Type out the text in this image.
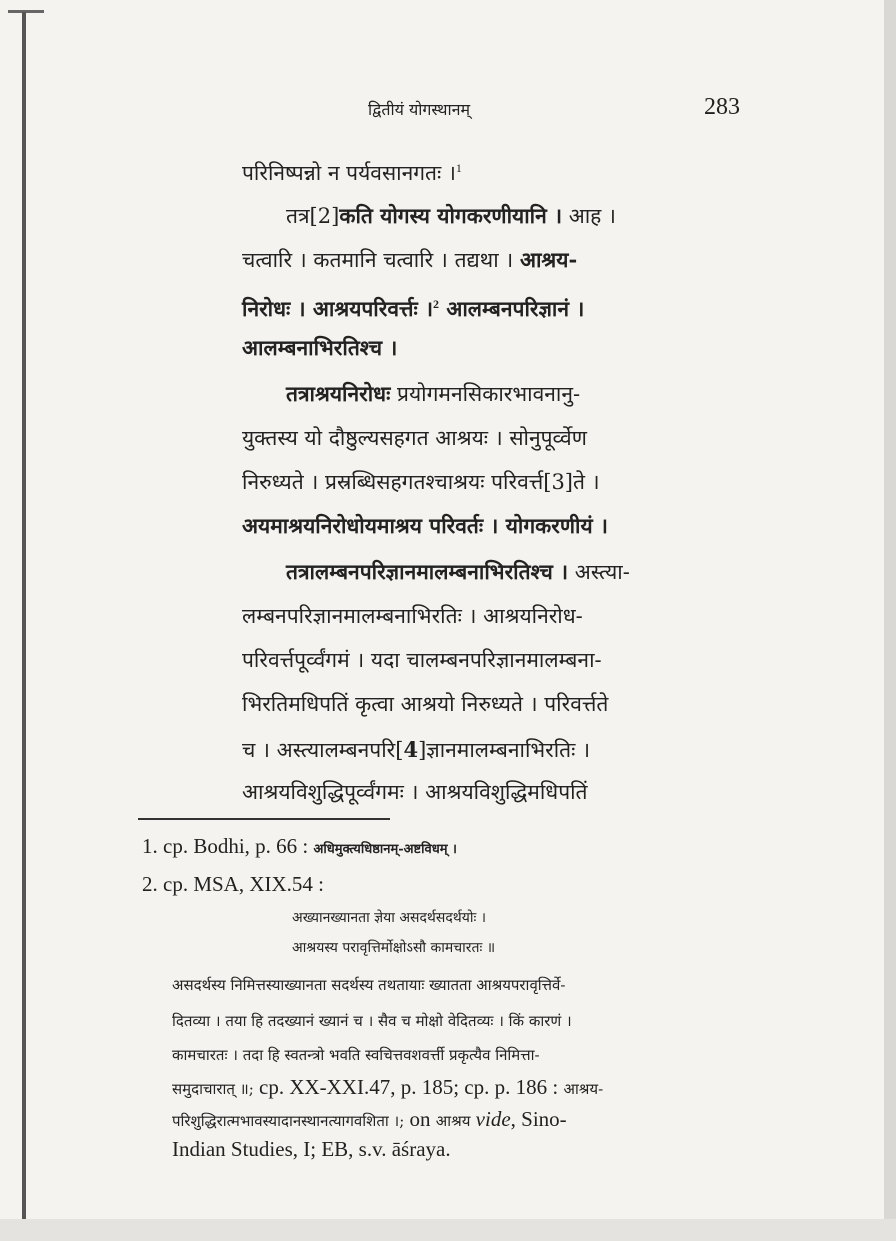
द्वितीयं योगस्थानम्	283
परिनिष्पन्नो न पर्यवसानगतः ।$^1$
तत्र[2]कति योगस्य योगकरणीयानि । आह ।
चत्वारि । कतमानि चत्वारि । तद्यथा । आश्रय-
निरोधः । आश्रयपरिवर्त्तः ।$^2$ आलम्बनपरिज्ञानं ।
आलम्बनाभिरतिश्च ।
तत्राश्रयनिरोधः प्रयोगमनसिकारभावनानु-
युक्तस्य यो दौष्ठुल्यसहगत आश्रयः । सोनुपूर्व्वेण
निरुध्यते । प्रस्रब्धिसहगतश्चाश्रयः परिवर्त्त[3]ते ।
अयमाश्रयनिरोधोयमाश्रय परिवर्तः । योगकरणीयं ।
तत्रालम्बनपरिज्ञानमालम्बनाभिरतिश्च । अस्त्या-
लम्बनपरिज्ञानमालम्बनाभिरतिः । आश्रयनिरोध-
परिवर्त्तपूर्व्वंगमं । यदा चालम्बनपरिज्ञानमालम्बना-
भिरतिमधिपतिं कृत्वा आश्रयो निरुध्यते । परिवर्त्तते
च । अस्त्यालम्बनपरि[4]ज्ञानमालम्बनाभिरतिः ।
आश्रयविशुद्धिपूर्व्वंगमः । आश्रयविशुद्धिमधिपतिं
1. cp. Bodhi, p. 66 : अधिमुक्त्यधिष्ठानम्-अष्टविधम् ।
2. cp. MSA, XIX.54 :
अख्यानख्यानता ज्ञेया असदर्थसदर्थयोः ।
आश्रयस्य परावृत्तिर्मोक्षोऽसौ कामचारतः ॥
असदर्थस्य निमित्तस्याख्यानता सदर्थस्य तथतायाः ख्यातता आश्रयपरावृत्तिर्वे-
दितव्या । तया हि तदख्यानं ख्यानं च । सैव च मोक्षो वेदितव्यः । किं कारणं ।
कामचारतः । तदा हि स्वतन्त्रो भवति स्वचित्तवशवर्त्ती प्रकृत्यैव निमित्ता-
समुदाचारात् ॥; cp. XX-XXI.47, p. 185; cp. p. 186 : आश्रय-
परिशुद्धिरात्मभावस्यादानस्थानत्यागवशिता ।; on आश्रय vide, Sino-
Indian Studies, I; EB, s.v. āśraya.
